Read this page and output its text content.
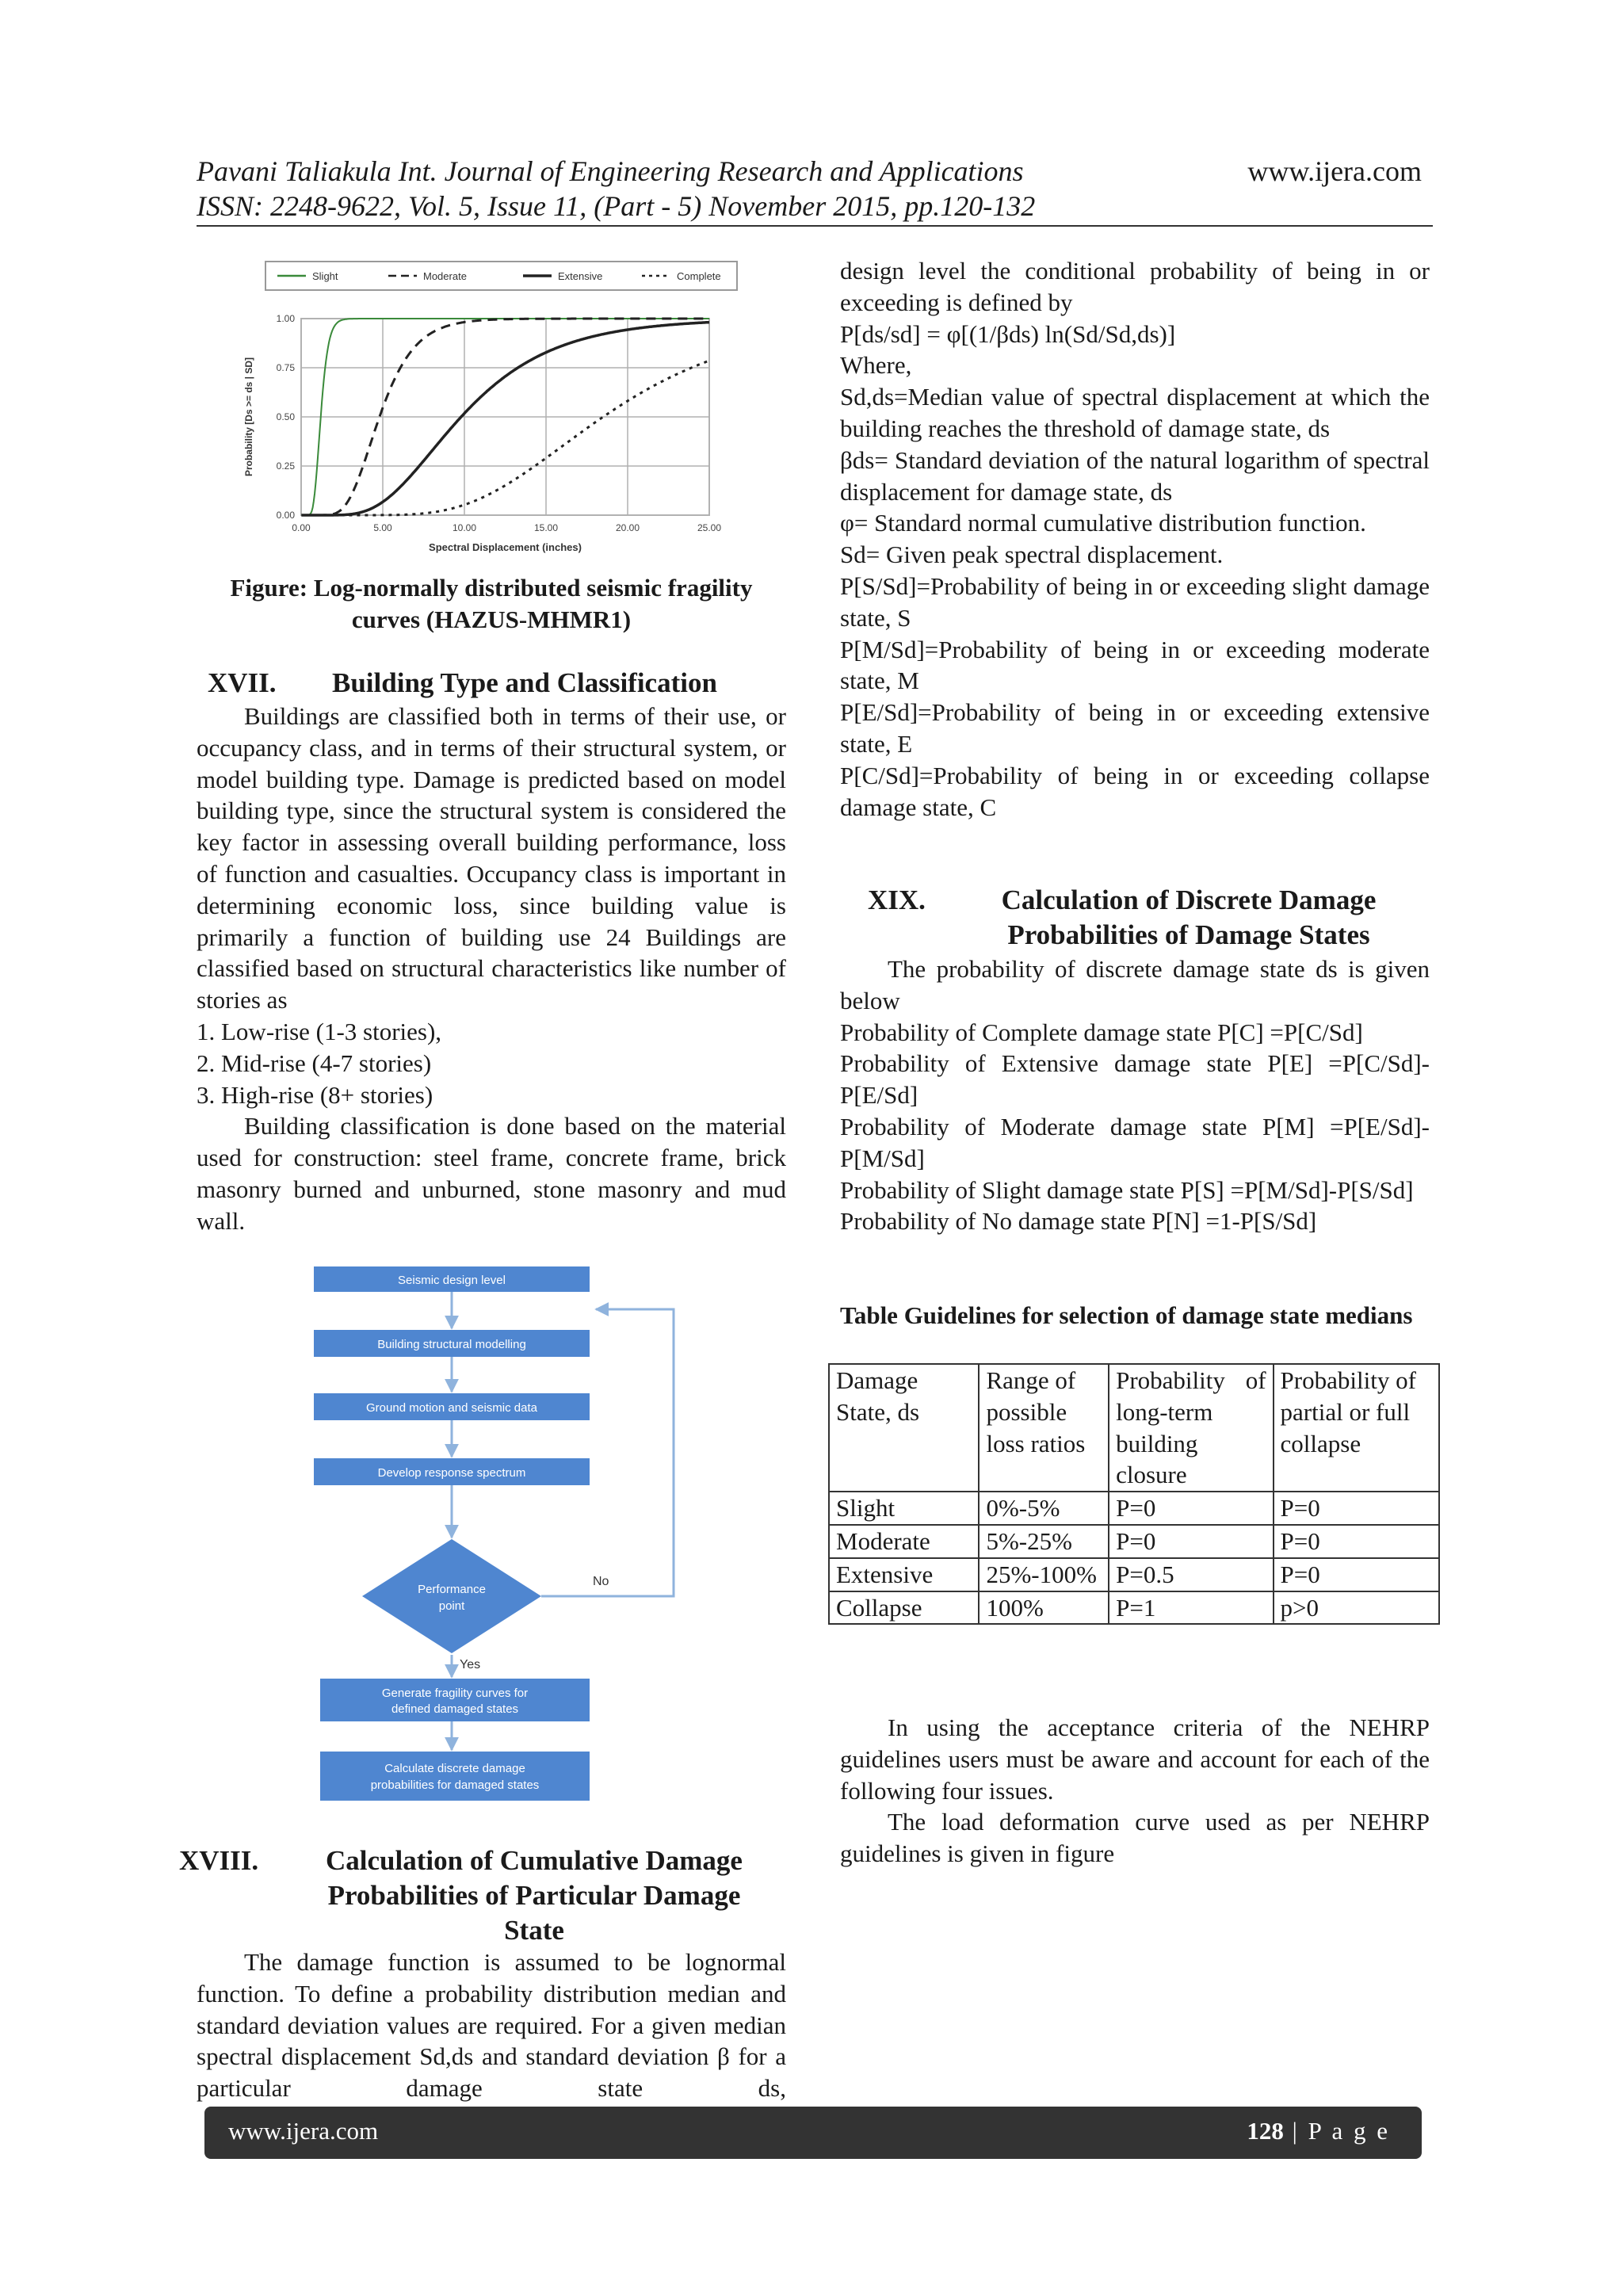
Pavani Taliakula Int. Journal of Engineering Research and Applications	www.ijera.com
ISSN: 2248-9622, Vol. 5, Issue 11, (Part - 5) November 2015, pp.120-132
Slight	Moderate	Extensive	Complete
0.00	5.00	10.00	15.00	20.00	25.00
0.00
0.25
0.50
0.75
1.00
Spectral Displacement (inches)
Probability [Ds >= ds | SD]
Figure: Log-normally distributed seismic fragility
curves (HAZUS-MHMR1)
XVII.	Building Type and Classification

Buildings are classified both in terms of their use, or occupancy class, and in terms of their structural system, or model building type. Damage is predicted based on model building type, since the structural system is considered the key factor in assessing overall building performance, loss of function and casualties. Occupancy class is important in determining economic loss, since building value is primarily a function of building use 24 Buildings are classified based on structural characteristics like number of stories as

1. Low-rise (1-3 stories),

2. Mid-rise (4-7 stories)

3. High-rise (8+ stories)

Building classification is done based on the material used for construction: steel frame, concrete frame, brick masonry burned and unburned, stone masonry and mud wall.

Seismic design level
Building structural modelling
Ground motion and seismic data
Develop response spectrum
Performance
point
No
Yes
Generate fragility curves for
defined damaged states
Calculate discrete damage
probabilities for damaged states
XVIII.	Calculation of Cumulative Damage
Probabilities of Particular Damage
State

The damage function is assumed to be lognormal function. To define a probability distribution median and standard deviation values are required. For a given median spectral displacement Sd,ds and standard deviation β for a particular damage state ds,

design level the conditional probability of being in or exceeding is defined by

P[ds/sd] = φ[(1/βds) ln(Sd/Sd,ds)]

Where,

Sd,ds=Median value of spectral displacement at which the building reaches the threshold of damage state, ds

βds= Standard deviation of the natural logarithm of spectral displacement for damage state, ds

φ= Standard normal cumulative distribution function.

Sd= Given peak spectral displacement.

P[S/Sd]=Probability of being in or exceeding slight damage state, S

P[M/Sd]=Probability of being in or exceeding moderate state, M

P[E/Sd]=Probability of being in or exceeding extensive state, E

P[C/Sd]=Probability of being in or exceeding collapse damage state, C

XIX.	Calculation of Discrete Damage
Probabilities of Damage States

The probability of discrete damage state ds is given below

Probability of Complete damage state P[C] =P[C/Sd]

Probability of Extensive damage state P[E] =P[C/Sd]-P[E/Sd]

Probability of Moderate damage state P[M] =P[E/Sd]-P[M/Sd]

Probability of Slight damage state P[S] =P[M/Sd]-P[S/Sd]

Probability of No damage state P[N] =1-P[S/Sd]

Table Guidelines for selection of damage state medians
Damage State, ds	Range of possible loss ratios	Probability of long-term building closure	Probability of partial or full collapse
Slight	0%-5%	P=0	P=0
Moderate	5%-25%	P=0	P=0
Extensive	25%-100%	P=0.5	P=0
Collapse	100%	P=1	p>0

In using the acceptance criteria of the NEHRP guidelines users must be aware and account for each of the following four issues.

The load deformation curve used as per NEHRP guidelines is given in figure

www.ijera.com	128 | P a g e
